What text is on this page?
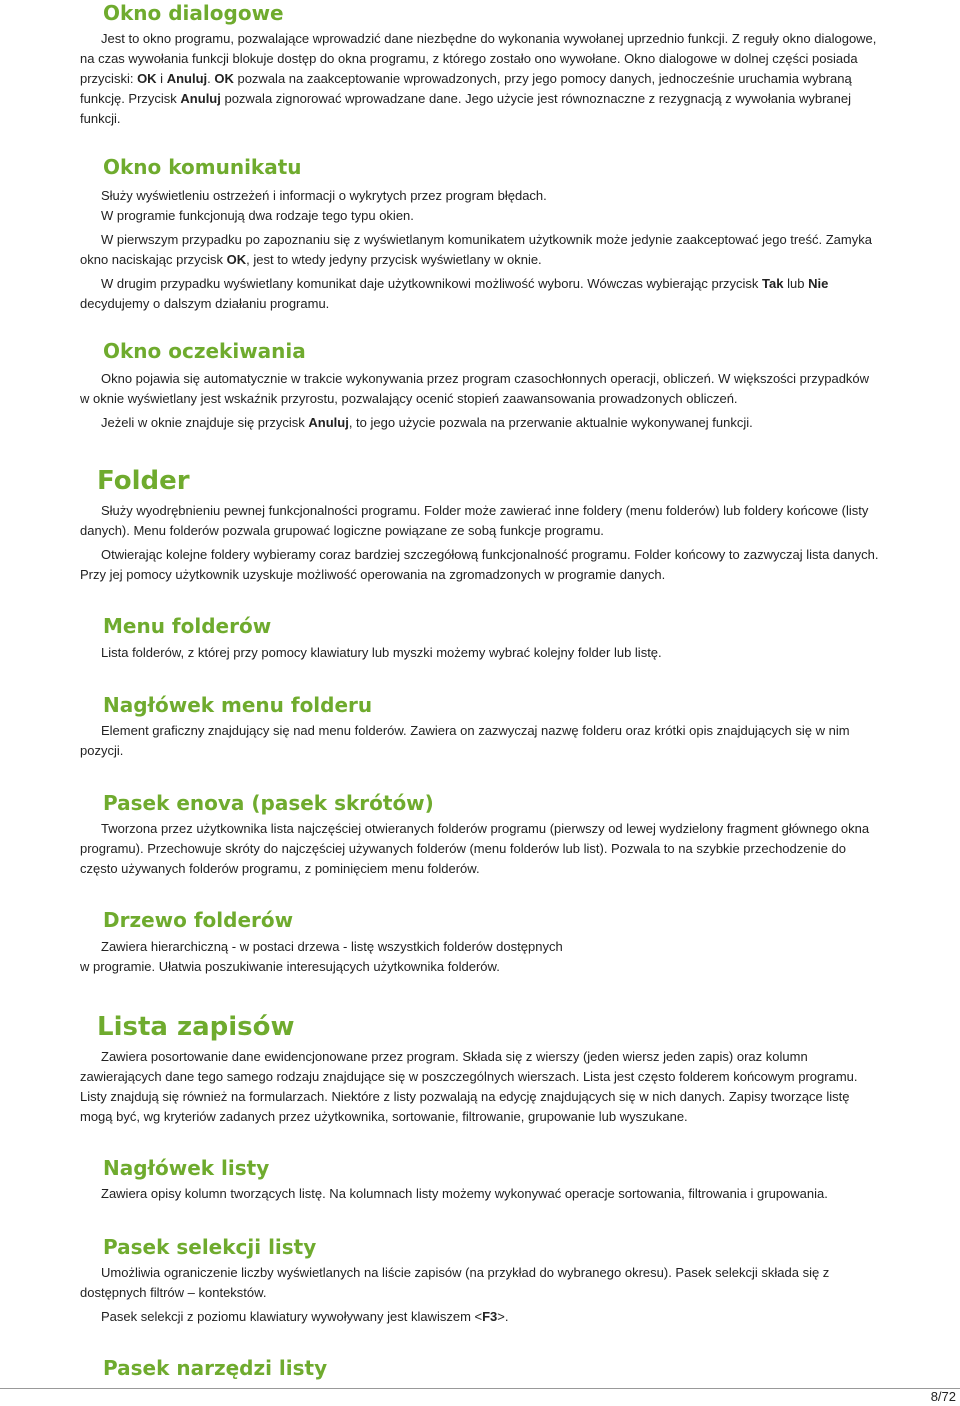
Okno dialogowe

Jest to okno programu, pozwalające wprowadzić dane niezbędne do wykonania wywołanej uprzednio funkcji. Z reguły okno dialogowe, na czas wywołania funkcji blokuje dostęp do okna programu, z którego zostało ono wywołane. Okno dialogowe w dolnej części posiada przyciski: OK i Anuluj. OK pozwala na zaakceptowanie wprowadzonych, przy jego pomocy danych, jednocześnie uruchamia wybraną funkcję. Przycisk Anuluj pozwala zignorować wprowadzane dane. Jego użycie jest równoznaczne z rezygnacją z wywołania wybranej funkcji.

Okno komunikatu

Służy wyświetleniu ostrzeżeń i informacji o wykrytych przez program błędach.

W programie funkcjonują dwa rodzaje tego typu okien.

W pierwszym przypadku po zapoznaniu się z wyświetlanym komunikatem użytkownik może jedynie zaakceptować jego treść. Zamyka okno naciskając przycisk OK, jest to wtedy jedyny przycisk wyświetlany w oknie.

W drugim przypadku wyświetlany komunikat daje użytkownikowi możliwość wyboru. Wówczas wybierając przycisk Tak lub Nie decydujemy o dalszym działaniu programu.

Okno oczekiwania

Okno pojawia się automatycznie w trakcie wykonywania przez program czasochłonnych operacji, obliczeń. W większości przypadków w oknie wyświetlany jest wskaźnik przyrostu, pozwalający ocenić stopień zaawansowania prowadzonych obliczeń.

Jeżeli w oknie znajduje się przycisk Anuluj, to jego użycie pozwala na przerwanie aktualnie wykonywanej funkcji.

Folder

Służy wyodrębnieniu pewnej funkcjonalności programu. Folder może zawierać inne foldery (menu folderów) lub foldery końcowe (listy danych). Menu folderów pozwala grupować logiczne powiązane ze sobą funkcje programu.

Otwierając kolejne foldery wybieramy coraz bardziej szczegółową funkcjonalność programu. Folder końcowy to zazwyczaj lista danych. Przy jej pomocy użytkownik uzyskuje możliwość operowania na zgromadzonych w programie danych.

Menu folderów

Lista folderów, z której przy pomocy klawiatury lub myszki możemy wybrać kolejny folder lub listę.

Nagłówek menu folderu

Element graficzny znajdujący się nad menu folderów. Zawiera on zazwyczaj nazwę folderu oraz krótki opis znajdujących się w nim pozycji.

Pasek enova (pasek skrótów)

Tworzona przez użytkownika lista najczęściej otwieranych folderów programu (pierwszy od lewej wydzielony fragment głównego okna programu). Przechowuje skróty do najczęściej używanych folderów (menu folderów lub list). Pozwala to na szybkie przechodzenie do często używanych folderów programu, z pominięciem menu folderów.

Drzewo folderów

Zawiera hierarchiczną - w postaci drzewa - listę wszystkich folderów dostępnych

w programie. Ułatwia poszukiwanie interesujących użytkownika folderów.

Lista zapisów

Zawiera posortowanie dane ewidencjonowane przez program. Składa się z wierszy (jeden wiersz jeden zapis) oraz kolumn zawierających dane tego samego rodzaju znajdujące się w poszczególnych wierszach. Lista jest często folderem końcowym programu. Listy znajdują się również na formularzach. Niektóre z listy pozwalają na edycję znajdujących się w nich danych. Zapisy tworzące listę mogą być, wg kryteriów zadanych przez użytkownika, sortowanie, filtrowanie, grupowanie lub wyszukane.

Nagłówek listy

Zawiera opisy kolumn tworzących listę. Na kolumnach listy możemy wykonywać operacje sortowania, filtrowania i grupowania.

Pasek selekcji listy

Umożliwia ograniczenie liczby wyświetlanych na liście zapisów (na przykład do wybranego okresu). Pasek selekcji składa się z dostępnych filtrów – kontekstów.

Pasek selekcji z poziomu klawiatury wywoływany jest klawiszem <F3>.

Pasek narzędzi listy
8/72
